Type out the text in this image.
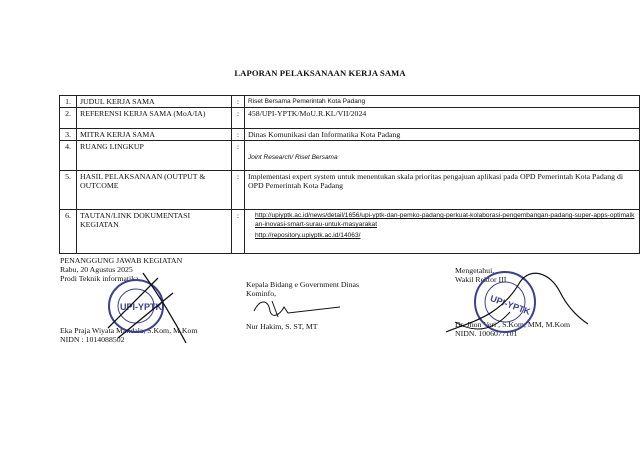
LAPORAN PELAKSANAAN KERJA SAMA
1.	JUDUL KERJA SAMA	:	Riset Bersama Pemerintah Kota Padang
2.	REFERENSI KERJA SAMA (MoA/IA)	:	458/UPI-YPTK/MoU.R.KL/VII/2024
3.	MITRA KERJA SAMA	:	Dinas Komunikasi dan Informatika Kota Padang
4.	RUANG LINGKUP	:	Joint Research/ Riset Bersama
5.	HASIL PELAKSANAAN (OUTPUT & OUTCOME	:	Implementasi expert system untuk menentukan skala prioritas pengajuan aplikasi pada OPD Pemerintah Kota Padang di OPD Pemerintah Kota Padang
6.	TAUTAN/LINK DOKUMENTASI KEGIATAN	:	http://upiyptk.ac.id/news/detail/1656/upi-yptk-dan-pemko-padang-perkuat-kolaborasi-pengembangan-padang-super-apps-optimalkan-inovasi-smart-surau-untuk-masyarakat
http://repository.upiyptk.ac.id/14063/
PENANGGUNG JAWAB KEGIATAN
Rabu, 20 Agustus 2025
Prodi Teknik informatika,
Eka Praja Wiyata Mandala, S.Kom, M.Kom
NIDN : 1014088502
UPI-YPTK
Kepala Bidang e Government Dinas
Kominfo,
Nur Hakim, S. ST, MT
Mengetahui,
Wakil Rektor III
Dr. Jhon Veri , S.Kom, MM, M.Kom
NIDN. 1006077101
UPI-YPTK
